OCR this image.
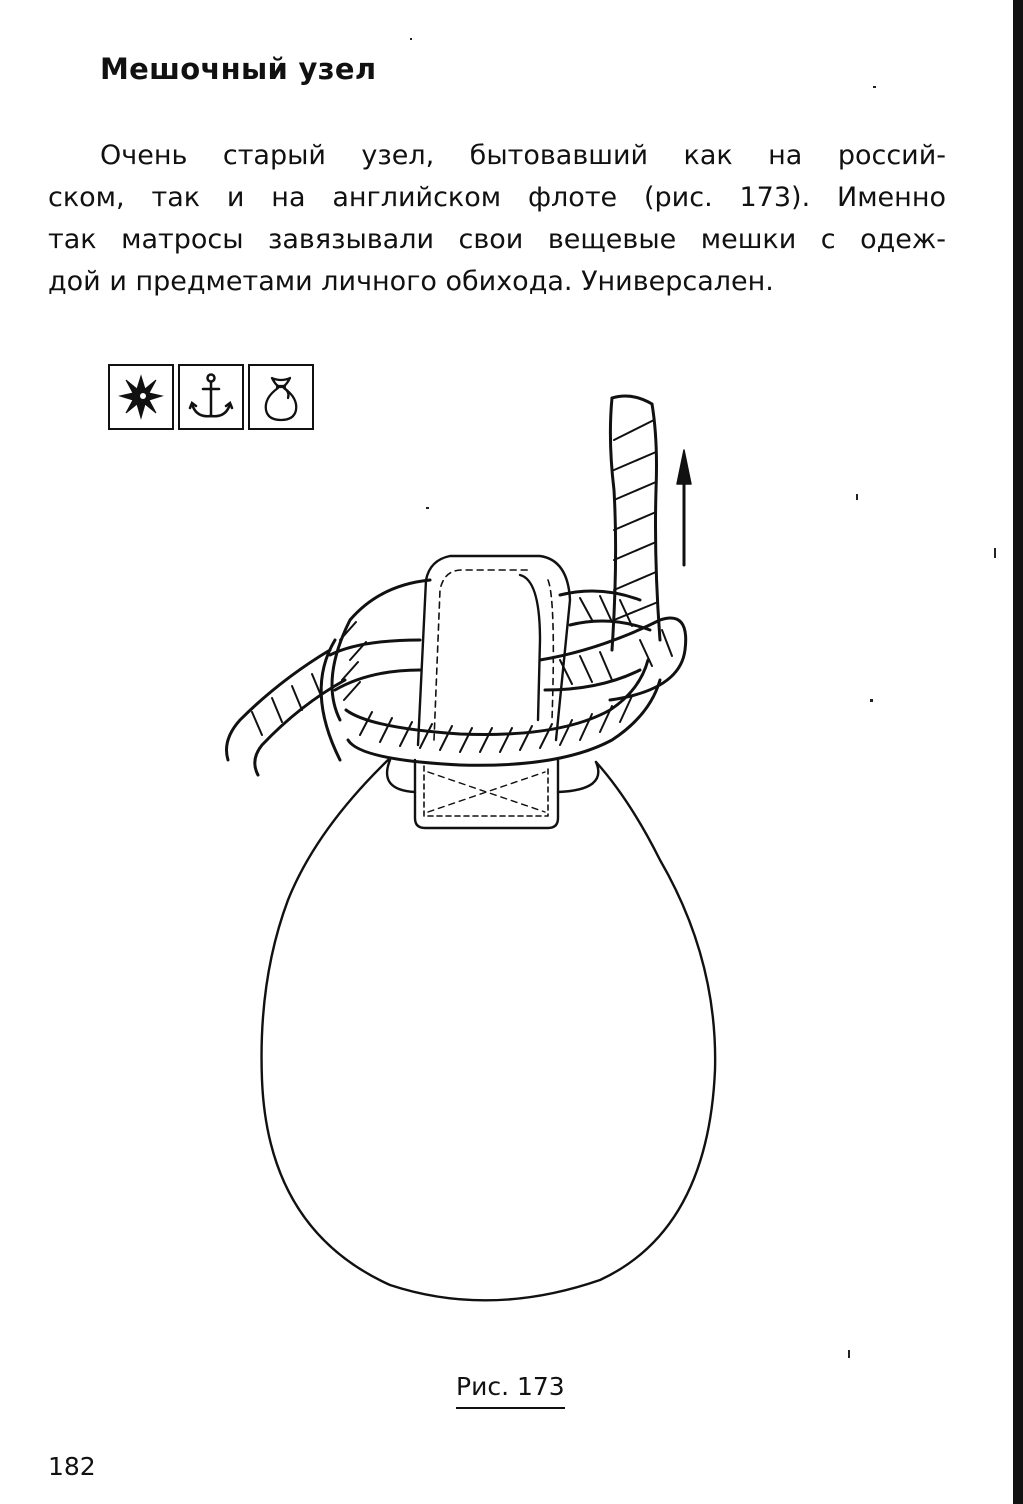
Мешочный узел

Очень старый узел, бытовавший как на россий-
ском, так и на английском флоте (рис. 173). Именно
так матросы завязывали свои вещевые мешки с одеж-
дой и предметами личного обихода. Универсален.

Рис. 173

182
